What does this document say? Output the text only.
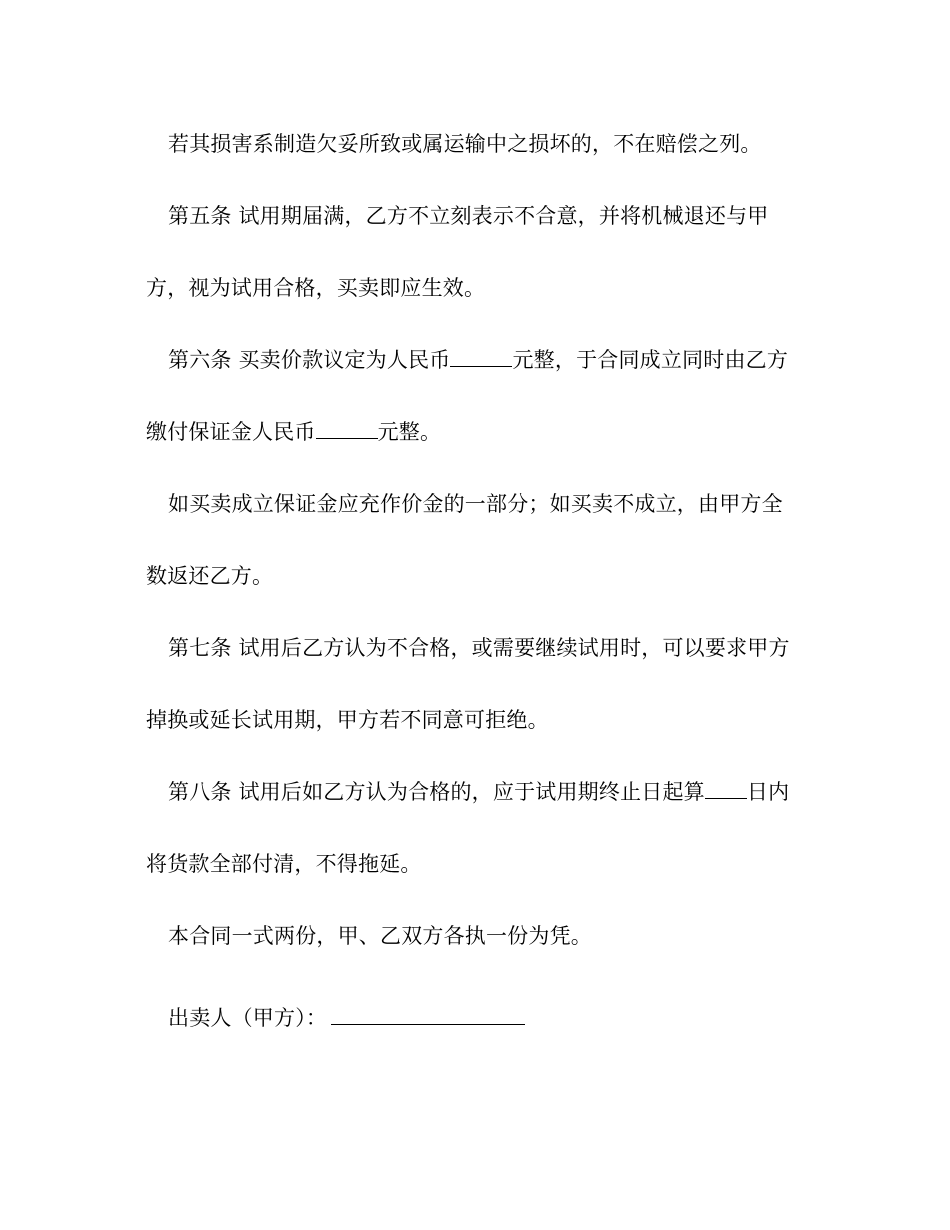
若其损害系制造欠妥所致或属运输中之损坏的，不在赔偿之列。
第五条 试用期届满，乙方不立刻表示不合意，并将机械退还与甲
方，视为试用合格，买卖即应生效。
第六条 买卖价款议定为人民币	元整，于合同成立同时由乙方
缴付保证金人民币	元整。
如买卖成立保证金应充作价金的一部分；如买卖不成立，由甲方全
数返还乙方。
第七条 试用后乙方认为不合格，或需要继续试用时，可以要求甲方
掉换或延长试用期，甲方若不同意可拒绝。
第八条 试用后如乙方认为合格的，应于试用期终止日起算 日内
将货款全部付清，不得拖延。
本合同一式两份，甲、乙双方各执一份为凭。
出卖人（甲方）：
